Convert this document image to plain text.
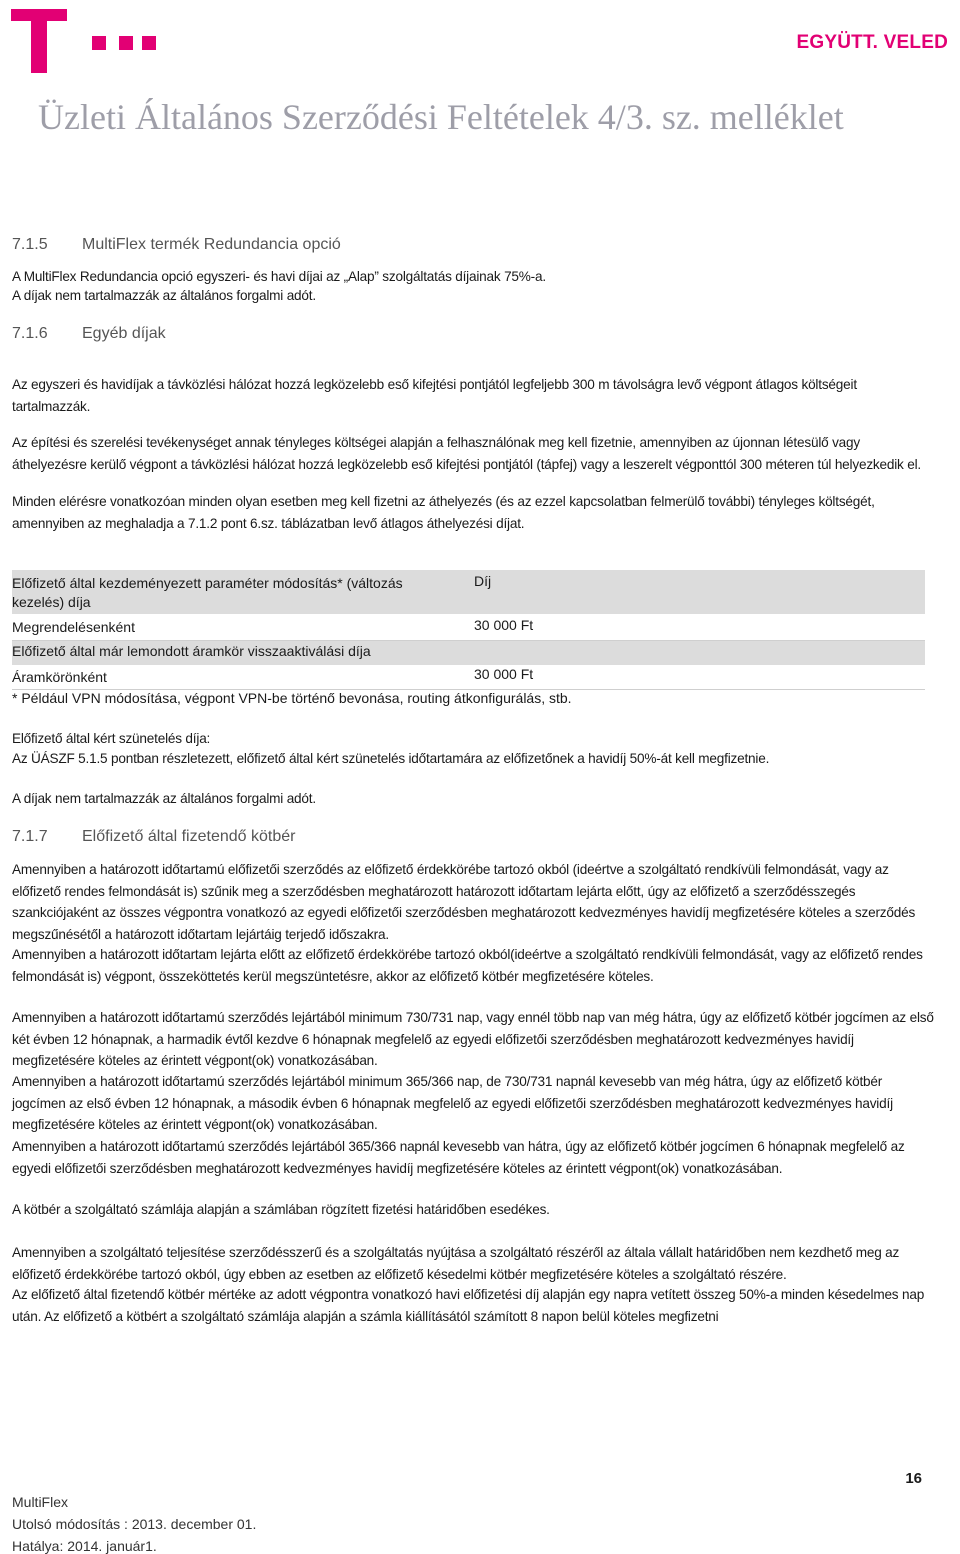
EGYÜTT. VELED
Üzleti Általános Szerződési Feltételek 4/3. sz. melléklet
7.1.5 MultiFlex termék Redundancia opció
A MultiFlex Redundancia opció egyszeri- és havi díjai az „Alap” szolgáltatás díjainak 75%-a.
A díjak nem tartalmazzák az általános forgalmi adót.
7.1.6 Egyéb díjak
Az egyszeri és havidíjak a távközlési hálózat hozzá legközelebb eső kifejtési pontjától legfeljebb 300 m távolságra levő végpont átlagos költségeit tartalmazzák.
Az építési és szerelési tevékenységet annak tényleges költségei alapján a felhasználónak meg kell fizetnie, amennyiben az újonnan létesülő vagy áthelyezésre kerülő végpont a távközlési hálózat hozzá legközelebb eső kifejtési pontjától (tápfej) vagy a leszerelt végponttól 300 méteren túl helyezkedik el.
Minden elérésre vonatkozóan minden olyan esetben meg kell fizetni az áthelyezés (és az ezzel kapcsolatban felmerülő további) tényleges költségét, amennyiben az meghaladja a 7.1.2 pont 6.sz. táblázatban levő átlagos áthelyezési díjat.
Előfizető által kezdeményezett paraméter módosítás* (változás
kezelés) díja
Díj
Megrendelésenként	30 000 Ft
Előfizető által már lemondott áramkör visszaaktiválási díja
Áramkörönként	30 000 Ft
* Például VPN módosítása, végpont VPN-be történő bevonása, routing átkonfigurálás, stb.
Előfizető által kért szünetelés díja:
Az ÜÁSZF 5.1.5 pontban részletezett, előfizető által kért szünetelés időtartamára az előfizetőnek a havidíj 50%-át kell megfizetnie.
A díjak nem tartalmazzák az általános forgalmi adót.
7.1.7 Előfizető által fizetendő kötbér
Amennyiben a határozott időtartamú előfizetői szerződés az előfizető érdekkörébe tartozó okból (ideértve a szolgáltató rendkívüli felmondását, vagy az előfizető rendes felmondását is) szűnik meg a szerződésben meghatározott határozott időtartam lejárta előtt, úgy az előfizető a szerződésszegés szankciójaként az összes végpontra vonatkozó az egyedi előfizetői szerződésben meghatározott kedvezményes havidíj megfizetésére köteles a szerződés megszűnésétől a határozott időtartam lejártáig terjedő időszakra.
Amennyiben a határozott időtartam lejárta előtt az előfizető érdekkörébe tartozó okból(ideértve a szolgáltató rendkívüli felmondását, vagy az előfizető rendes felmondását is) végpont, összeköttetés kerül megszüntetésre, akkor az előfizető kötbér megfizetésére köteles.
Amennyiben a határozott időtartamú szerződés lejártából minimum 730/731 nap, vagy ennél több nap van még hátra, úgy az előfizető kötbér jogcímen az első két évben 12 hónapnak, a harmadik évtől kezdve 6 hónapnak megfelelő az egyedi előfizetői szerződésben meghatározott kedvezményes havidíj megfizetésére köteles az érintett végpont(ok) vonatkozásában.
Amennyiben a határozott időtartamú szerződés lejártából minimum 365/366 nap, de 730/731 napnál kevesebb van még hátra, úgy az előfizető kötbér jogcímen az első évben 12 hónapnak, a második évben 6 hónapnak megfelelő az egyedi előfizetői szerződésben meghatározott kedvezményes havidíj megfizetésére köteles az érintett végpont(ok) vonatkozásában.
Amennyiben a határozott időtartamú szerződés lejártából 365/366 napnál kevesebb van hátra, úgy az előfizető kötbér jogcímen 6 hónapnak megfelelő az egyedi előfizetői szerződésben meghatározott kedvezményes havidíj megfizetésére köteles az érintett végpont(ok) vonatkozásában.
A kötbér a szolgáltató számlája alapján a számlában rögzített fizetési határidőben esedékes.
Amennyiben a szolgáltató teljesítése szerződésszerű és a szolgáltatás nyújtása a szolgáltató részéről az általa vállalt határidőben nem kezdhető meg az előfizető érdekkörébe tartozó okból, úgy ebben az esetben az előfizető késedelmi kötbér megfizetésére köteles a szolgáltató részére.
Az előfizető által fizetendő kötbér mértéke az adott végpontra vonatkozó havi előfizetési díj alapján egy napra vetített összeg 50%-a minden késedelmes nap után. Az előfizető a kötbért a szolgáltató számlája alapján a számla kiállításától számított 8 napon belül köteles megfizetni
16
MultiFlex
Utolsó módosítás : 2013. december 01.
Hatálya: 2014. január1.
